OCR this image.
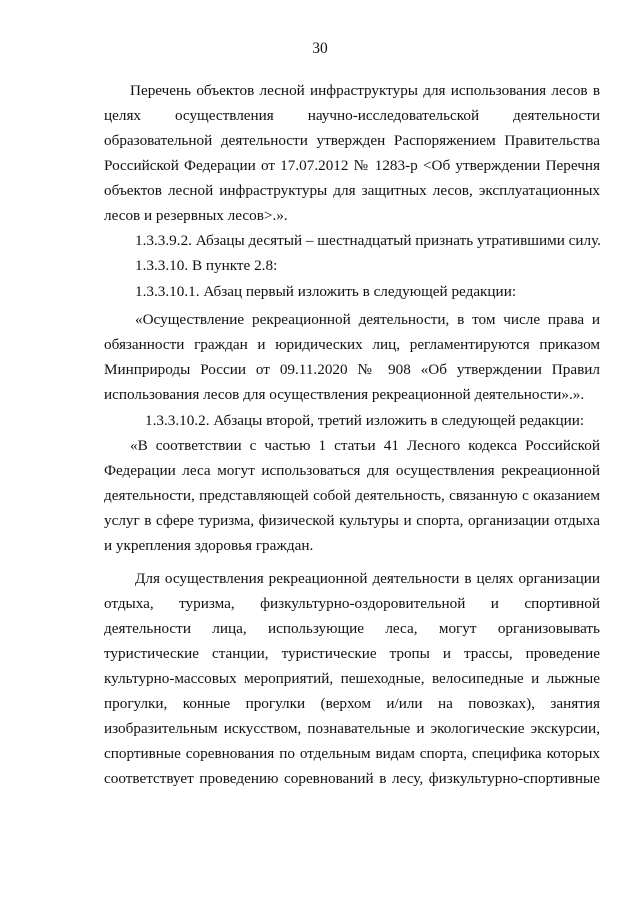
30
Перечень объектов лесной инфраструктуры для использования лесов в
целях осуществления научно-исследовательской деятельности
образовательной деятельности утвержден Распоряжением Правительства
Российской Федерации от 17.07.2012 № 1283-р <Об утверждении Перечня
объектов лесной инфраструктуры для защитных лесов, эксплуатационных
лесов и резервных лесов>.».
1.3.3.9.2. Абзацы десятый – шестнадцатый признать утратившими силу.
1.3.3.10. В пункте 2.8:
1.3.3.10.1. Абзац первый изложить в следующей редакции:
«Осуществление рекреационной деятельности, в том числе права и
обязанности граждан и юридических лиц, регламентируются приказом
Минприроды России от 09.11.2020 № 908 «Об утверждении Правил
использования лесов для осуществления рекреационной деятельности».».
1.3.3.10.2. Абзацы второй, третий изложить в следующей редакции:
«В соответствии с частью 1 статьи 41 Лесного кодекса Российской
Федерации леса могут использоваться для осуществления рекреационной
деятельности, представляющей собой деятельность, связанную с оказанием
услуг в сфере туризма, физической культуры и спорта, организации отдыха
и укрепления здоровья граждан.
Для осуществления рекреационной деятельности в целях организации
отдыха, туризма, физкультурно-оздоровительной и спортивной
деятельности лица, использующие леса, могут организовывать
туристические станции, туристические тропы и трассы, проведение
культурно-массовых мероприятий, пешеходные, велосипедные и лыжные
прогулки, конные прогулки (верхом и/или на повозках), занятия
изобразительным искусством, познавательные и экологические экскурсии,
спортивные соревнования по отдельным видам спорта, специфика которых
соответствует проведению соревнований в лесу, физкультурно-спортивные
